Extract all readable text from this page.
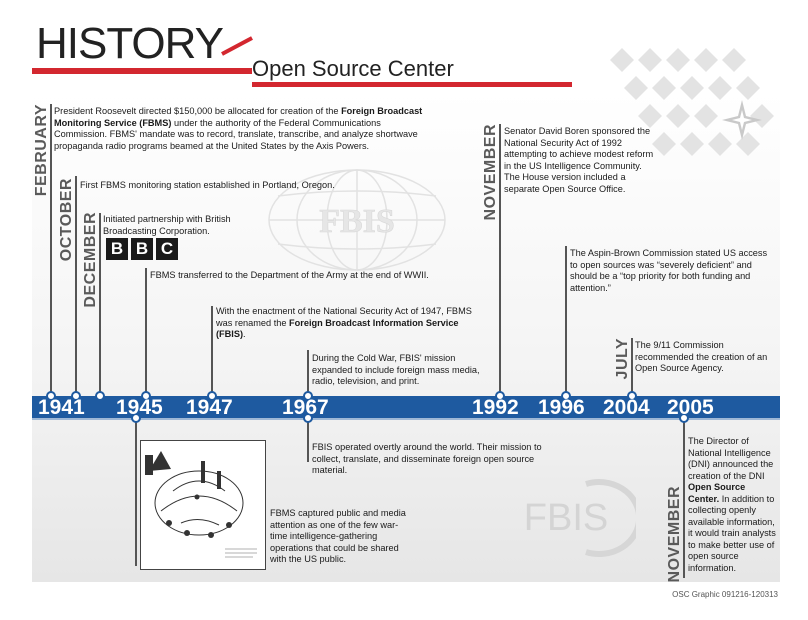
HISTORY
Open Source Center
FBIS
FBIS
FEBRUARY
OCTOBER DECEMBER
NOVEMBER
JULY
NOVEMBER
President Roosevelt directed $150,000 be allocated for creation of the Foreign Broadcast Monitoring Service (FBMS) under the authority of the Federal Communications Commission. FBMS' mandate was to record, translate, transcribe, and analyze shortwave propaganda radio programs beamed at the United States by the Axis Powers.
First FBMS monitoring station established in Portland, Oregon.
Initiated partnership with British Broadcasting Corporation.
B B C
FBMS transferred to the Department of the Army at the end of WWII.
With the enactment of the National Security Act of 1947, FBMS was renamed the Foreign Broadcast Information Service (FBIS).
During the Cold War, FBIS' mission expanded to include foreign mass media, radio, television, and print.
Senator David Boren sponsored the National Security Act of 1992 attempting to achieve modest reform in the US Intelligence Community. The House version included a separate Open Source Office.
The Aspin-Brown Commission stated US access to open sources was “severely deficient” and should be a “top priority for both funding and attention.”
The 9/11 Commission recommended the creation of an Open Source Agency.
1941 1945 1947 1967	1992 1996 2004 2005
FBIS operated overtly around the world. Their mission to collect, translate, and disseminate foreign open source material.
FBMS captured public and media attention as one of the few war-time intelligence-gathering operations that could be shared with the US public.
The Director of National Intelligence (DNI) announced the creation of the DNI Open Source Center. In addition to collecting openly available information, it would train analysts to make better use of open source information.
OSC Graphic 091216-120313
